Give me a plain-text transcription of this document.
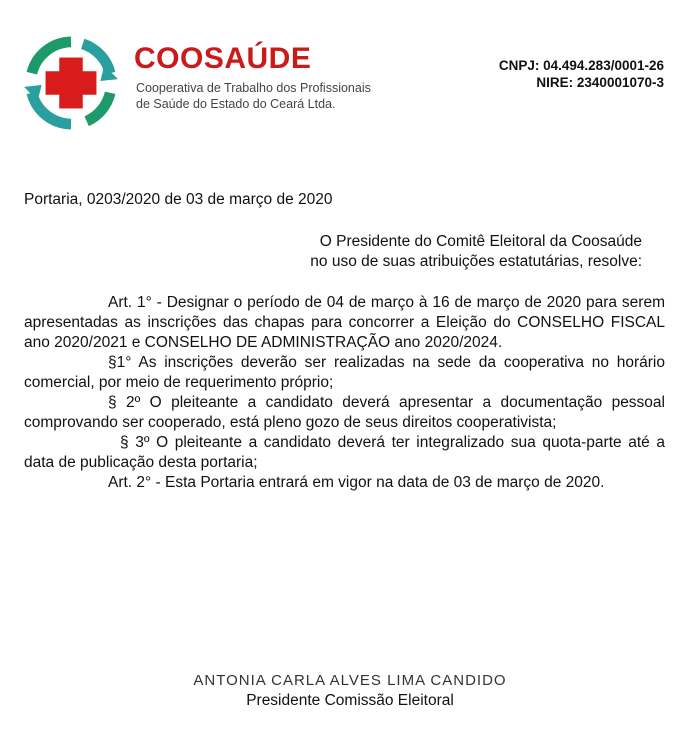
COOSAÚDE
Cooperativa de Trabalho dos Profissionais
de Saúde do Estado do Ceará Ltda.
CNPJ: 04.494.283/0001-26
NIRE: 2340001070-3
Portaria, 0203/2020 de 03 de março de 2020
O Presidente do Comitê Eleitoral da Coosaúde
no uso de suas atribuições estatutárias, resolve:

Art. 1° - Designar o período de 04 de março à 16 de março de 2020 para serem apresentadas as inscrições das chapas para concorrer a Eleição do CONSELHO FISCAL ano 2020/2021 e CONSELHO DE ADMINISTRAÇÃO ano 2020/2024.

§1° As inscrições deverão ser realizadas na sede da cooperativa no horário comercial, por meio de requerimento próprio;

§ 2º O pleiteante a candidato deverá apresentar a documentação pessoal comprovando ser cooperado, está pleno gozo de seus direitos cooperativista;

§ 3º O pleiteante a candidato deverá ter integralizado sua quota-parte até a data de publicação desta portaria;

Art. 2° - Esta Portaria entrará em vigor na data de 03 de março de 2020.

ANTONIA CARLA ALVES LIMA CANDIDO
Presidente Comissão Eleitoral
